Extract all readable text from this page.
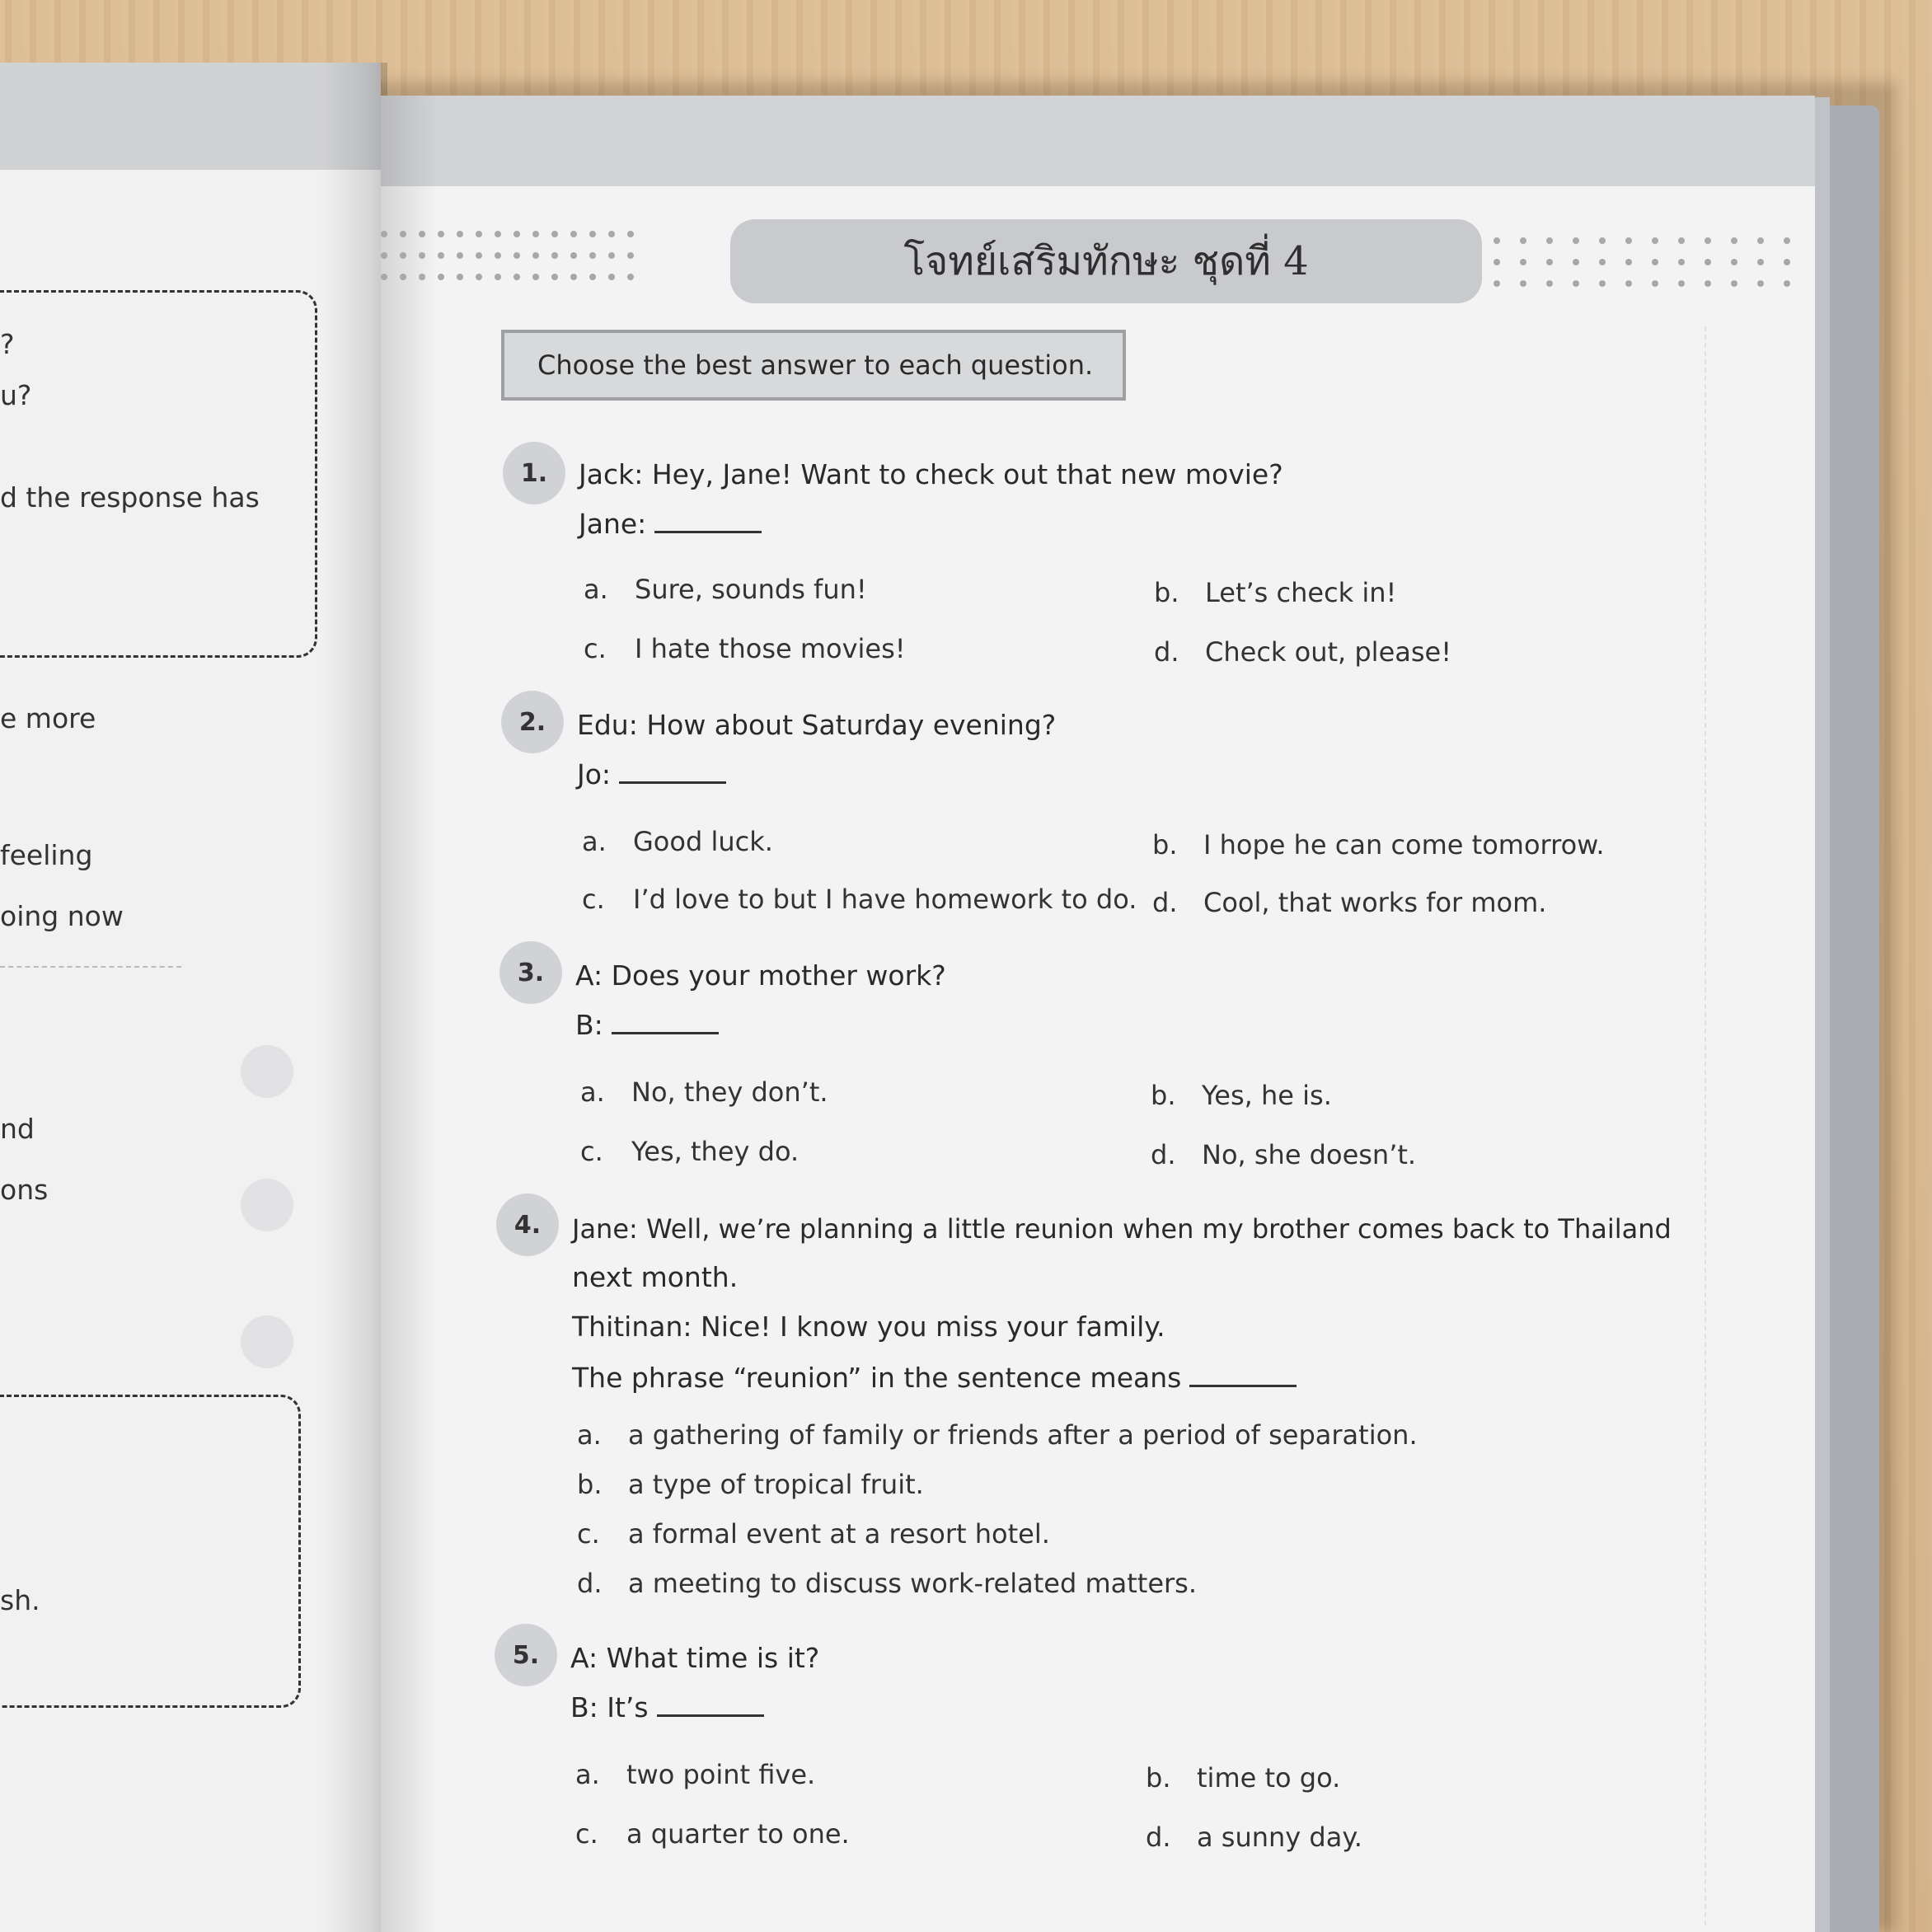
?
u?
d the response has
e more
feeling
oing now
nd
ons
sh.
โจทย์เสริมทักษะ ชุดที่ 4
Choose the best answer to each question.
1.	Jack: Hey, Jane! Want to check out that new movie?
Jane:
a. Sure, sounds fun!	b. Let’s check in!
c. I hate those movies!	d. Check out, please!
2.	Edu: How about Saturday evening?
Jo:
a. Good luck.	b. I hope he can come tomorrow.
c. I’d love to but I have homework to do. d. Cool, that works for mom.
3.	A: Does your mother work?
B:
a. No, they don’t.	b. Yes, he is.
c. Yes, they do.	d. No, she doesn’t.
4.	Jane: Well, we’re planning a little reunion when my brother comes back to Thailand
next month.
Thitinan: Nice! I know you miss your family.
The phrase “reunion” in the sentence means
a. a gathering of family or friends after a period of separation.
b. a type of tropical fruit.
c. a formal event at a resort hotel.
d. a meeting to discuss work-related matters.
5.	A: What time is it?
B: It’s
a. two point five.	b. time to go.
c. a quarter to one.	d. a sunny day.
